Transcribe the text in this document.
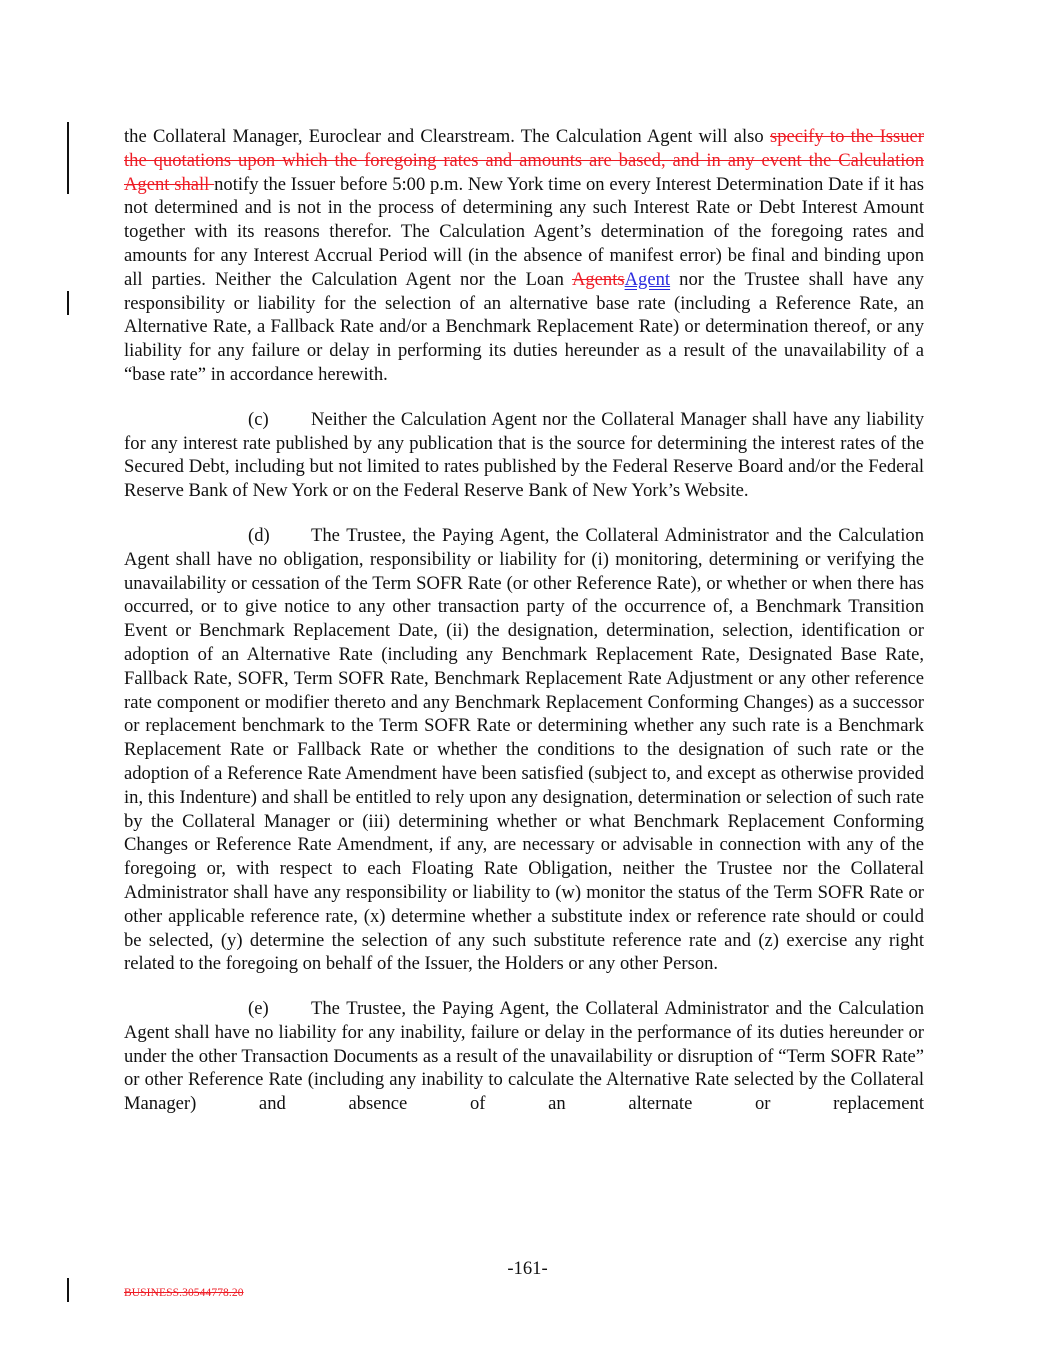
the Collateral Manager, Euroclear and Clearstream. The Calculation Agent will also specify to the Issuer the quotations upon which the foregoing rates and amounts are based, and in any event the Calculation Agent shall notify the Issuer before 5:00 p.m. New York time on every Interest Determination Date if it has not determined and is not in the process of determining any such Interest Rate or Debt Interest Amount together with its reasons therefor. The Calculation Agent’s determination of the foregoing rates and amounts for any Interest Accrual Period will (in the absence of manifest error) be final and binding upon all parties. Neither the Calculation Agent nor the Loan AgentsAgent nor the Trustee shall have any responsibility or liability for the selection of an alternative base rate (including a Reference Rate, an Alternative Rate, a Fallback Rate and/or a Benchmark Replacement Rate) or determination thereof, or any liability for any failure or delay in performing its duties hereunder as a result of the unavailability of a “base rate” in accordance herewith.

(c) Neither the Calculation Agent nor the Collateral Manager shall have any liability for any interest rate published by any publication that is the source for determining the interest rates of the Secured Debt, including but not limited to rates published by the Federal Reserve Board and/or the Federal Reserve Bank of New York or on the Federal Reserve Bank of New York’s Website.

(d) The Trustee, the Paying Agent, the Collateral Administrator and the Calculation Agent shall have no obligation, responsibility or liability for (i) monitoring, determining or verifying the unavailability or cessation of the Term SOFR Rate (or other Reference Rate), or whether or when there has occurred, or to give notice to any other transaction party of the occurrence of, a Benchmark Transition Event or Benchmark Replacement Date, (ii) the designation, determination, selection, identification or adoption of an Alternative Rate (including any Benchmark Replacement Rate, Designated Base Rate, Fallback Rate, SOFR, Term SOFR Rate, Benchmark Replacement Rate Adjustment or any other reference rate component or modifier thereto and any Benchmark Replacement Conforming Changes) as a successor or replacement benchmark to the Term SOFR Rate or determining whether any such rate is a Benchmark Replacement Rate or Fallback Rate or whether the conditions to the designation of such rate or the adoption of a Reference Rate Amendment have been satisfied (subject to, and except as otherwise provided in, this Indenture) and shall be entitled to rely upon any designation, determination or selection of such rate by the Collateral Manager or (iii) determining whether or what Benchmark Replacement Conforming Changes or Reference Rate Amendment, if any, are necessary or advisable in connection with any of the foregoing or, with respect to each Floating Rate Obligation, neither the Trustee nor the Collateral Administrator shall have any responsibility or liability to (w) monitor the status of the Term SOFR Rate or other applicable reference rate, (x) determine whether a substitute index or reference rate should or could be selected, (y) determine the selection of any such substitute reference rate and (z) exercise any right related to the foregoing on behalf of the Issuer, the Holders or any other Person.

(e) The Trustee, the Paying Agent, the Collateral Administrator and the Calculation Agent shall have no liability for any inability, failure or delay in the performance of its duties hereunder or under the other Transaction Documents as a result of the unavailability or disruption of “Term SOFR Rate” or other Reference Rate (including any inability to calculate the Alternative Rate selected by the Collateral Manager) and absence of an alternate or replacement

-161-
BUSINESS.30544778.20
